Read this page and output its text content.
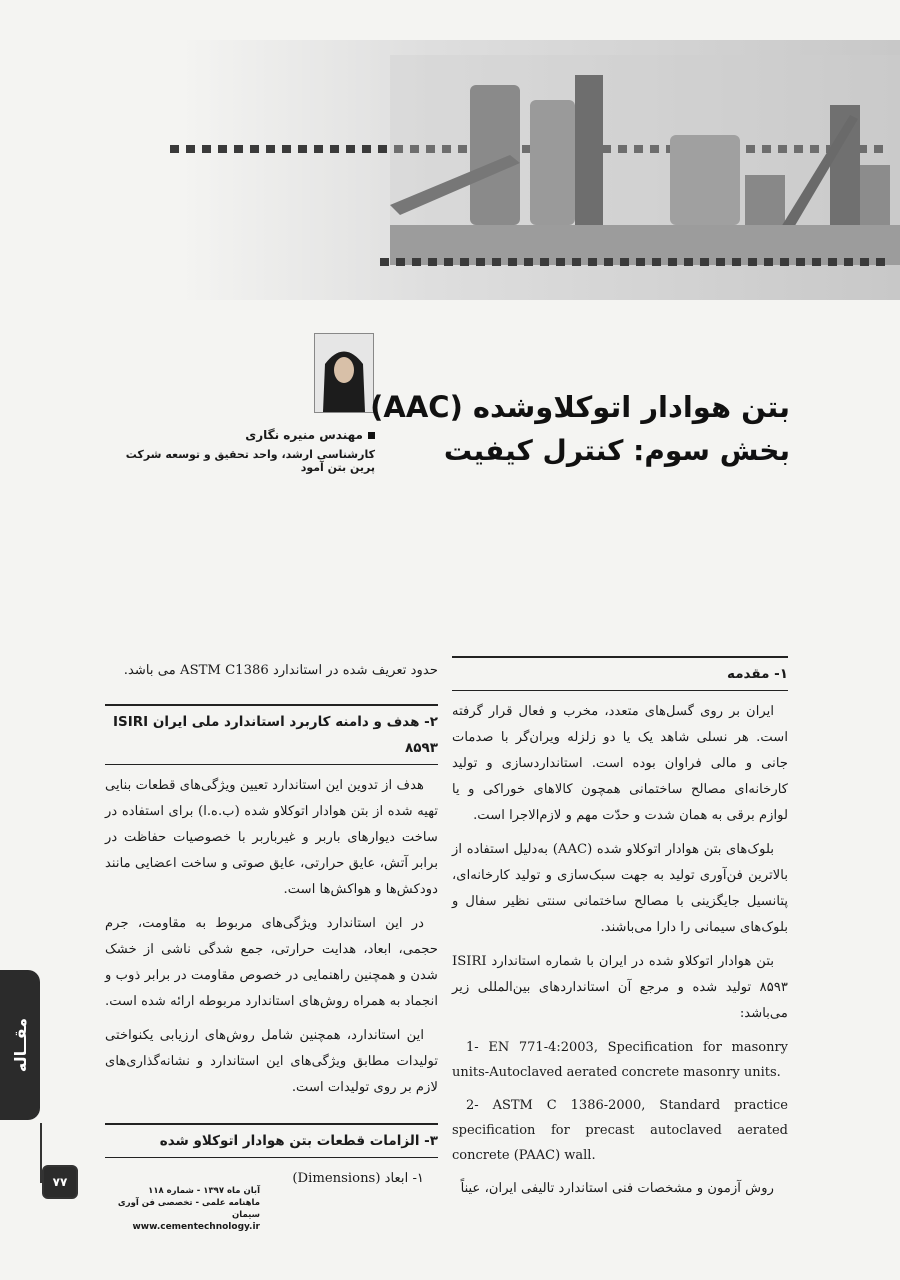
مهندس منیره نگاری
کارشناسی ارشد، واحد تحقیق و توسعه شرکت پرین بتن آمود
بتن هوادار اتوکلاوشده (AAC)
بخش سوم: کنترل کیفیت
۱- مقدمه

ایران بر روی گسل‌های متعدد، مخرب و فعال قرار گرفته است. هر نسلی شاهد یک یا دو زلزله ویران‌گر با صدمات جانی و مالی فراوان بوده است. استانداردسازی و تولید کارخانه‌ای مصالح ساختمانی همچون کالاهای خوراکی و یا لوازم برقی به همان شدت و حدّت مهم و لازم‌الاجرا است.

بلوک‌های بتن هوادار اتوکلاو شده (AAC) به‌دلیل استفاده از بالاترین فن‌آوری تولید به جهت سبک‌سازی و تولید کارخانه‌ای، پتانسیل جایگزینی با مصالح ساختمانی سنتی نظیر سفال و بلوک‌های سیمانی را دارا می‌باشند.

بتن هوادار اتوکلاو شده در ایران با شماره استاندارد ISIRI ۸۵۹۳ تولید شده و مرجع آن استانداردهای بین‌المللی زیر می‌باشد:

1- EN 771-4:2003, Specification for masonry units-Autoclaved aerated concrete masonry units.

2- ASTM C 1386-2000, Standard practice specification for precast autoclaved aerated concrete (PAAC) wall.

روش آزمون و مشخصات فنی استاندارد تالیفی ایران، عیناً

حدود تعریف شده در استاندارد ASTM C1386 می باشد.

۲- هدف و دامنه کاربرد استاندارد ملی ایران ISIRI ۸۵۹۳

هدف از تدوین این استاندارد تعیین ویژگی‌های قطعات بنایی تهیه شده از بتن هوادار اتوکلاو شده (ب.ه.ا) برای استفاده در ساخت دیوارهای باربر و غیرباربر با خصوصیات حفاظت در برابر آتش، عایق حرارتی، عایق صوتی و ساخت اعضایی مانند دودکش‌ها و هواکش‌ها است.

در این استاندارد ویژگی‌های مربوط به مقاومت، جرم حجمی، ابعاد، هدایت حرارتی، جمع شدگی ناشی از خشک شدن و همچنین راهنمایی در خصوص مقاومت در برابر ذوب و انجماد به همراه روش‌های استاندارد مربوطه ارائه شده است.

این استاندارد، همچنین شامل روش‌های ارزیابی یکنواختی تولیدات مطابق ویژگی‌های این استاندارد و نشانه‌گذاری‌های لازم بر روی تولیدات است.

۳- الزامات قطعات بتن هوادار اتوکلاو شده

۱- ابعاد (Dimensions)

مقــاله
۷۷
آبان ماه ۱۳۹۷ - شماره ۱۱۸
ماهنامه علمی - تخصصی فن آوری سیمان
www.cementechnology.ir
